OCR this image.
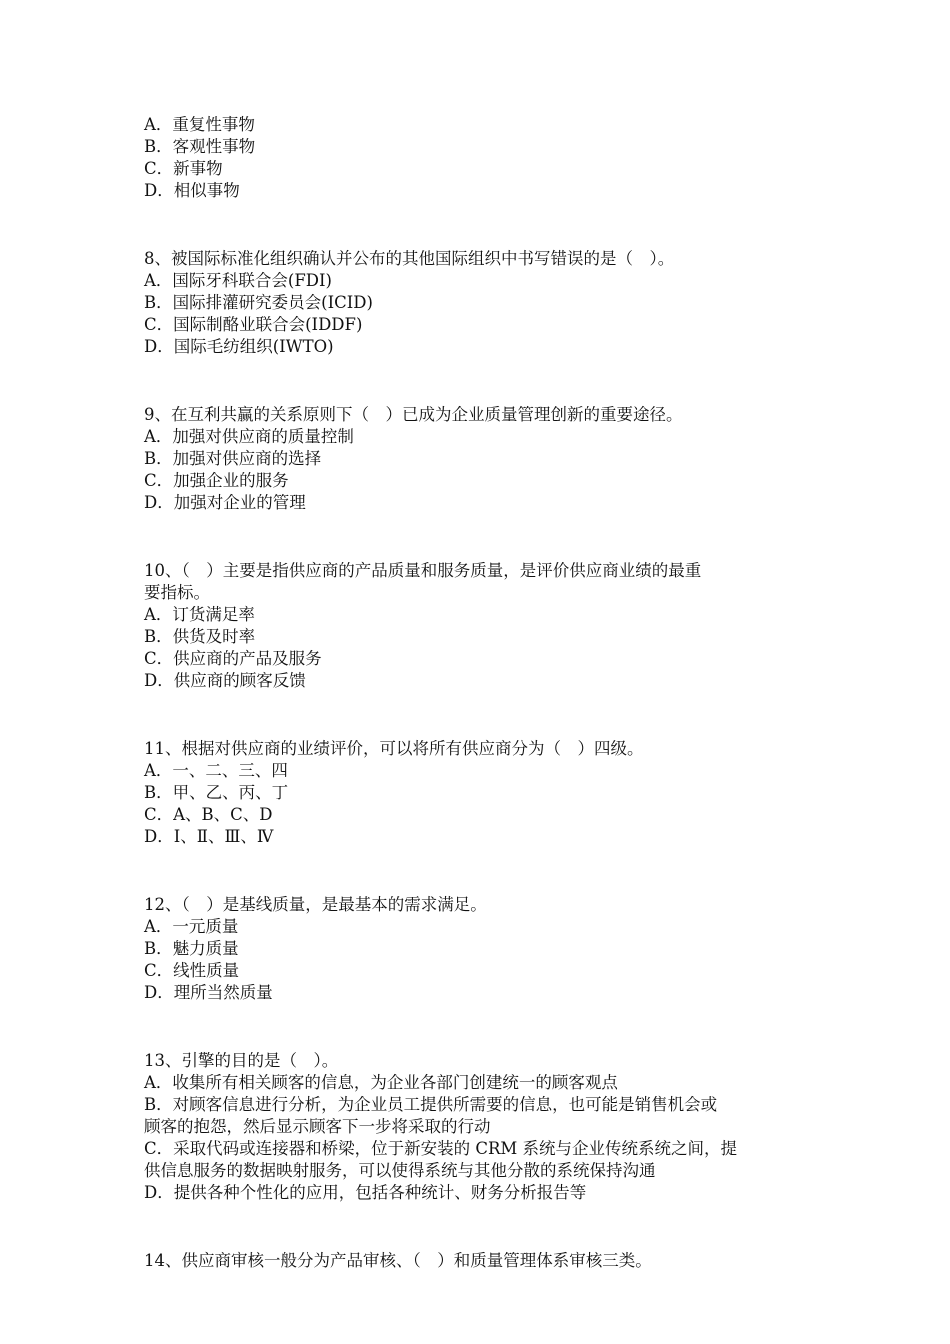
A．重复性事物
B．客观性事物
C．新事物
D．相似事物
8、被国际标准化组织确认并公布的其他国际组织中书写错误的是（　）。
A．国际牙科联合会(FDI)
B．国际排灌研究委员会(ICID)
C．国际制酪业联合会(IDDF)
D．国际毛纺组织(IWTO)
9、在互利共赢的关系原则下（　）已成为企业质量管理创新的重要途径。
A．加强对供应商的质量控制
B．加强对供应商的选择
C．加强企业的服务
D．加强对企业的管理
10、（　）主要是指供应商的产品质量和服务质量，是评价供应商业绩的最重
要指标。
A．订货满足率
B．供货及时率
C．供应商的产品及服务
D．供应商的顾客反馈
11、根据对供应商的业绩评价，可以将所有供应商分为（　）四级。
A．一、二、三、四
B．甲、乙、丙、丁
C．A、B、C、D
D．Ⅰ、Ⅱ、Ⅲ、Ⅳ
12、（　）是基线质量，是最基本的需求满足。
A．一元质量
B．魅力质量
C．线性质量
D．理所当然质量
13、引擎的目的是（　）。
A．收集所有相关顾客的信息，为企业各部门创建统一的顾客观点
B．对顾客信息进行分析，为企业员工提供所需要的信息，也可能是销售机会或
顾客的抱怨，然后显示顾客下一步将采取的行动
C．采取代码或连接器和桥梁，位于新安装的 CRM 系统与企业传统系统之间，提
供信息服务的数据映射服务，可以使得系统与其他分散的系统保持沟通
D．提供各种个性化的应用，包括各种统计、财务分析报告等
14、供应商审核一般分为产品审核、（　）和质量管理体系审核三类。
